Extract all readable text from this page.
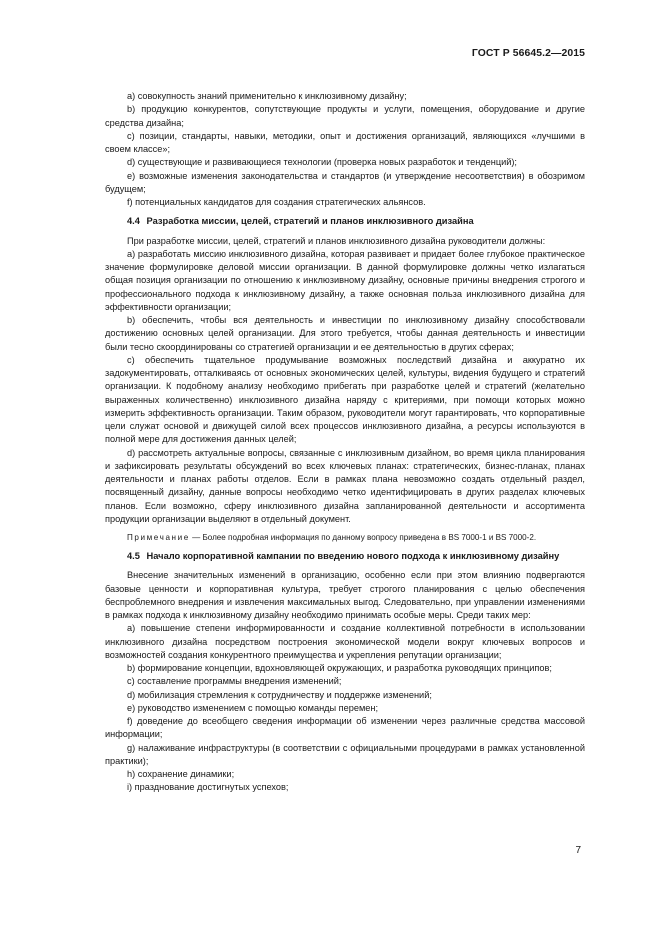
ГОСТ Р 56645.2—2015

а) совокупность знаний применительно к инклюзивному дизайну;

b) продукцию конкурентов, сопутствующие продукты и услуги, помещения, оборудование и другие средства дизайна;

с) позиции, стандарты, навыки, методики, опыт и достижения организаций, являющихся «лучшими в своем классе»;

d) существующие и развивающиеся технологии (проверка новых разработок и тенденций);

е) возможные изменения законодательства и стандартов (и утверждение несоответствия) в обозримом будущем;

f) потенциальных кандидатов для создания стратегических альянсов.

4.4 Разработка миссии, целей, стратегий и планов инклюзивного дизайна

При разработке миссии, целей, стратегий и планов инклюзивного дизайна руководители должны:

а) разработать миссию инклюзивного дизайна, которая развивает и придает более глубокое практическое значение формулировке деловой миссии организации. В данной формулировке должны четко излагаться общая позиция организации по отношению к инклюзивному дизайну, основные причины внедрения строгого и профессионального подхода к инклюзивному дизайну, а также основная польза инклюзивного дизайна для эффективности организации;

b) обеспечить, чтобы вся деятельность и инвестиции по инклюзивному дизайну способствовали достижению основных целей организации. Для этого требуется, чтобы данная деятельность и инвестиции были тесно скоординированы со стратегией организации и ее деятельностью в других сферах;

с) обеспечить тщательное продумывание возможных последствий дизайна и аккуратно их задокументировать, отталкиваясь от основных экономических целей, культуры, видения будущего и стратегий организации. К подобному анализу необходимо прибегать при разработке целей и стратегий (желательно выраженных количественно) инклюзивного дизайна наряду с критериями, при помощи которых можно измерить эффективность организации. Таким образом, руководители могут гарантировать, что корпоративные цели служат основой и движущей силой всех процессов инклюзивного дизайна, а ресурсы используются в полной мере для достижения данных целей;

d) рассмотреть актуальные вопросы, связанные с инклюзивным дизайном, во время цикла планирования и зафиксировать результаты обсуждений во всех ключевых планах: стратегических, бизнес-планах, планах деятельности и планах работы отделов. Если в рамках плана невозможно создать отдельный раздел, посвященный дизайну, данные вопросы необходимо четко идентифицировать в других разделах ключевых планов. Если возможно, сферу инклюзивного дизайна запланированной деятельности и ассортимента продукции организации выделяют в отдельный документ.

Примечание — Более подробная информация по данному вопросу приведена в BS 7000-1 и BS 7000-2.

4.5 Начало корпоративной кампании по введению нового подхода к инклюзивному дизайну

Внесение значительных изменений в организацию, особенно если при этом влиянию подвергаются базовые ценности и корпоративная культура, требует строгого планирования с целью обеспечения беспроблемного внедрения и извлечения максимальных выгод. Следовательно, при управлении изменениями в рамках подхода к инклюзивному дизайну необходимо принимать особые меры. Среди таких мер:

а) повышение степени информированности и создание коллективной потребности в использовании инклюзивного дизайна посредством построения экономической модели вокруг ключевых вопросов и возможностей создания конкурентного преимущества и укрепления репутации организации;

b) формирование концепции, вдохновляющей окружающих, и разработка руководящих принципов;

с) составление программы внедрения изменений;

d) мобилизация стремления к сотрудничеству и поддержке изменений;

е) руководство изменением с помощью команды перемен;

f) доведение до всеобщего сведения информации об изменении через различные средства массовой информации;

g) налаживание инфраструктуры (в соответствии с официальными процедурами в рамках установленной практики);

h) сохранение динамики;

i) празднование достигнутых успехов;

7
